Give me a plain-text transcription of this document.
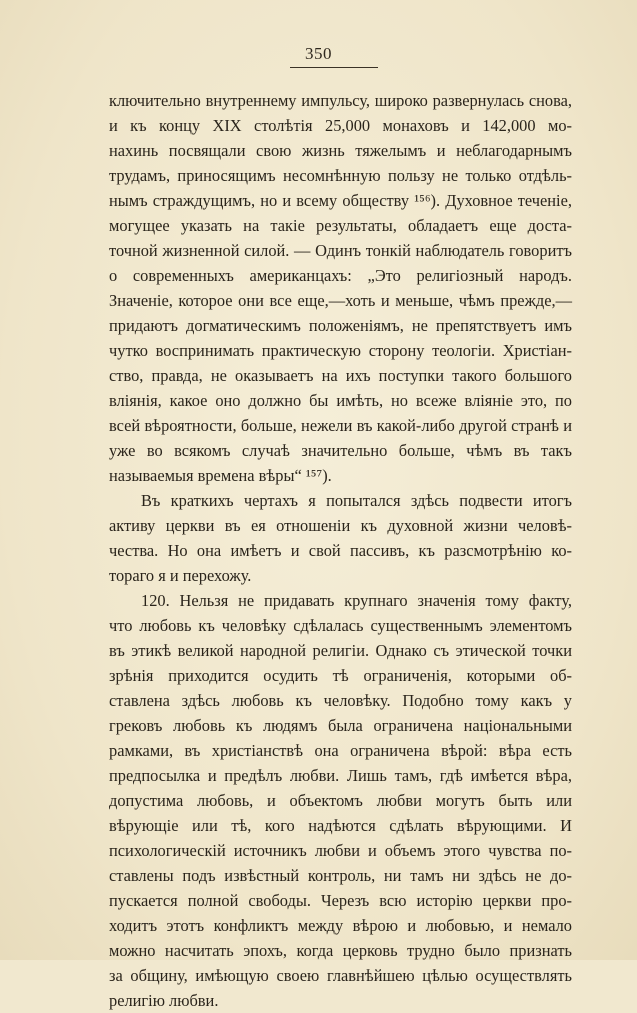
350
ключительно внутреннему импульсу, широко развернулась снова,
и къ концу XIX столѣтія 25,000 монаховъ и 142,000 мо-
нахинь посвящали свою жизнь тяжелымъ и неблагодарнымъ
трудамъ, приносящимъ несомнѣнную пользу не только отдѣль-
нымъ страждущимъ, но и всему обществу ¹⁵⁶). Духовное теченіе,
могущее указать на такіе результаты, обладаетъ еще доста-
точной жизненной силой. — Одинъ тонкій наблюдатель говоритъ
о современныхъ американцахъ: „Это религіозный народъ.
Значеніе, которое они все еще,—хоть и меньше, чѣмъ прежде,—
придаютъ догматическимъ положеніямъ, не препятствуетъ имъ
чутко воспринимать практическую сторону теологіи. Христіан-
ство, правда, не оказываетъ на ихъ поступки такого большого
вліянія, какое оно должно бы имѣть, но всеже вліяніе это, по
всей вѣроятности, больше, нежели въ какой-либо другой странѣ и
уже во всякомъ случаѣ значительно больше, чѣмъ въ такъ
называемыя времена вѣры“ ¹⁵⁷).
Въ краткихъ чертахъ я попытался здѣсь подвести итогъ
активу церкви въ ея отношеніи къ духовной жизни человѣ-
чества. Но она имѣетъ и свой пассивъ, къ разсмотрѣнію ко-
тораго я и перехожу.
120. Нельзя не придавать крупнаго значенія тому факту,
что любовь къ человѣку сдѣлалась существеннымъ элементомъ
въ этикѣ великой народной религіи. Однако съ этической точки
зрѣнія приходится осудить тѣ ограниченія, которыми об-
ставлена здѣсь любовь къ человѣку. Подобно тому какъ у
грековъ любовь къ людямъ была ограничена національными
рамками, въ христіанствѣ она ограничена вѣрой: вѣра есть
предпосылка и предѣлъ любви. Лишь тамъ, гдѣ имѣется вѣра,
допустима любовь, и объектомъ любви могутъ быть или
вѣрующіе или тѣ, кого надѣются сдѣлать вѣрующими. И
психологическій источникъ любви и объемъ этого чувства по-
ставлены подъ извѣстный контроль, ни тамъ ни здѣсь не до-
пускается полной свободы. Черезъ всю исторію церкви про-
ходитъ этотъ конфликтъ между вѣрою и любовью, и немало
можно насчитать эпохъ, когда церковь трудно было признать
за общину, имѣющую своею главнѣйшею цѣлью осуществлять
религію любви.
